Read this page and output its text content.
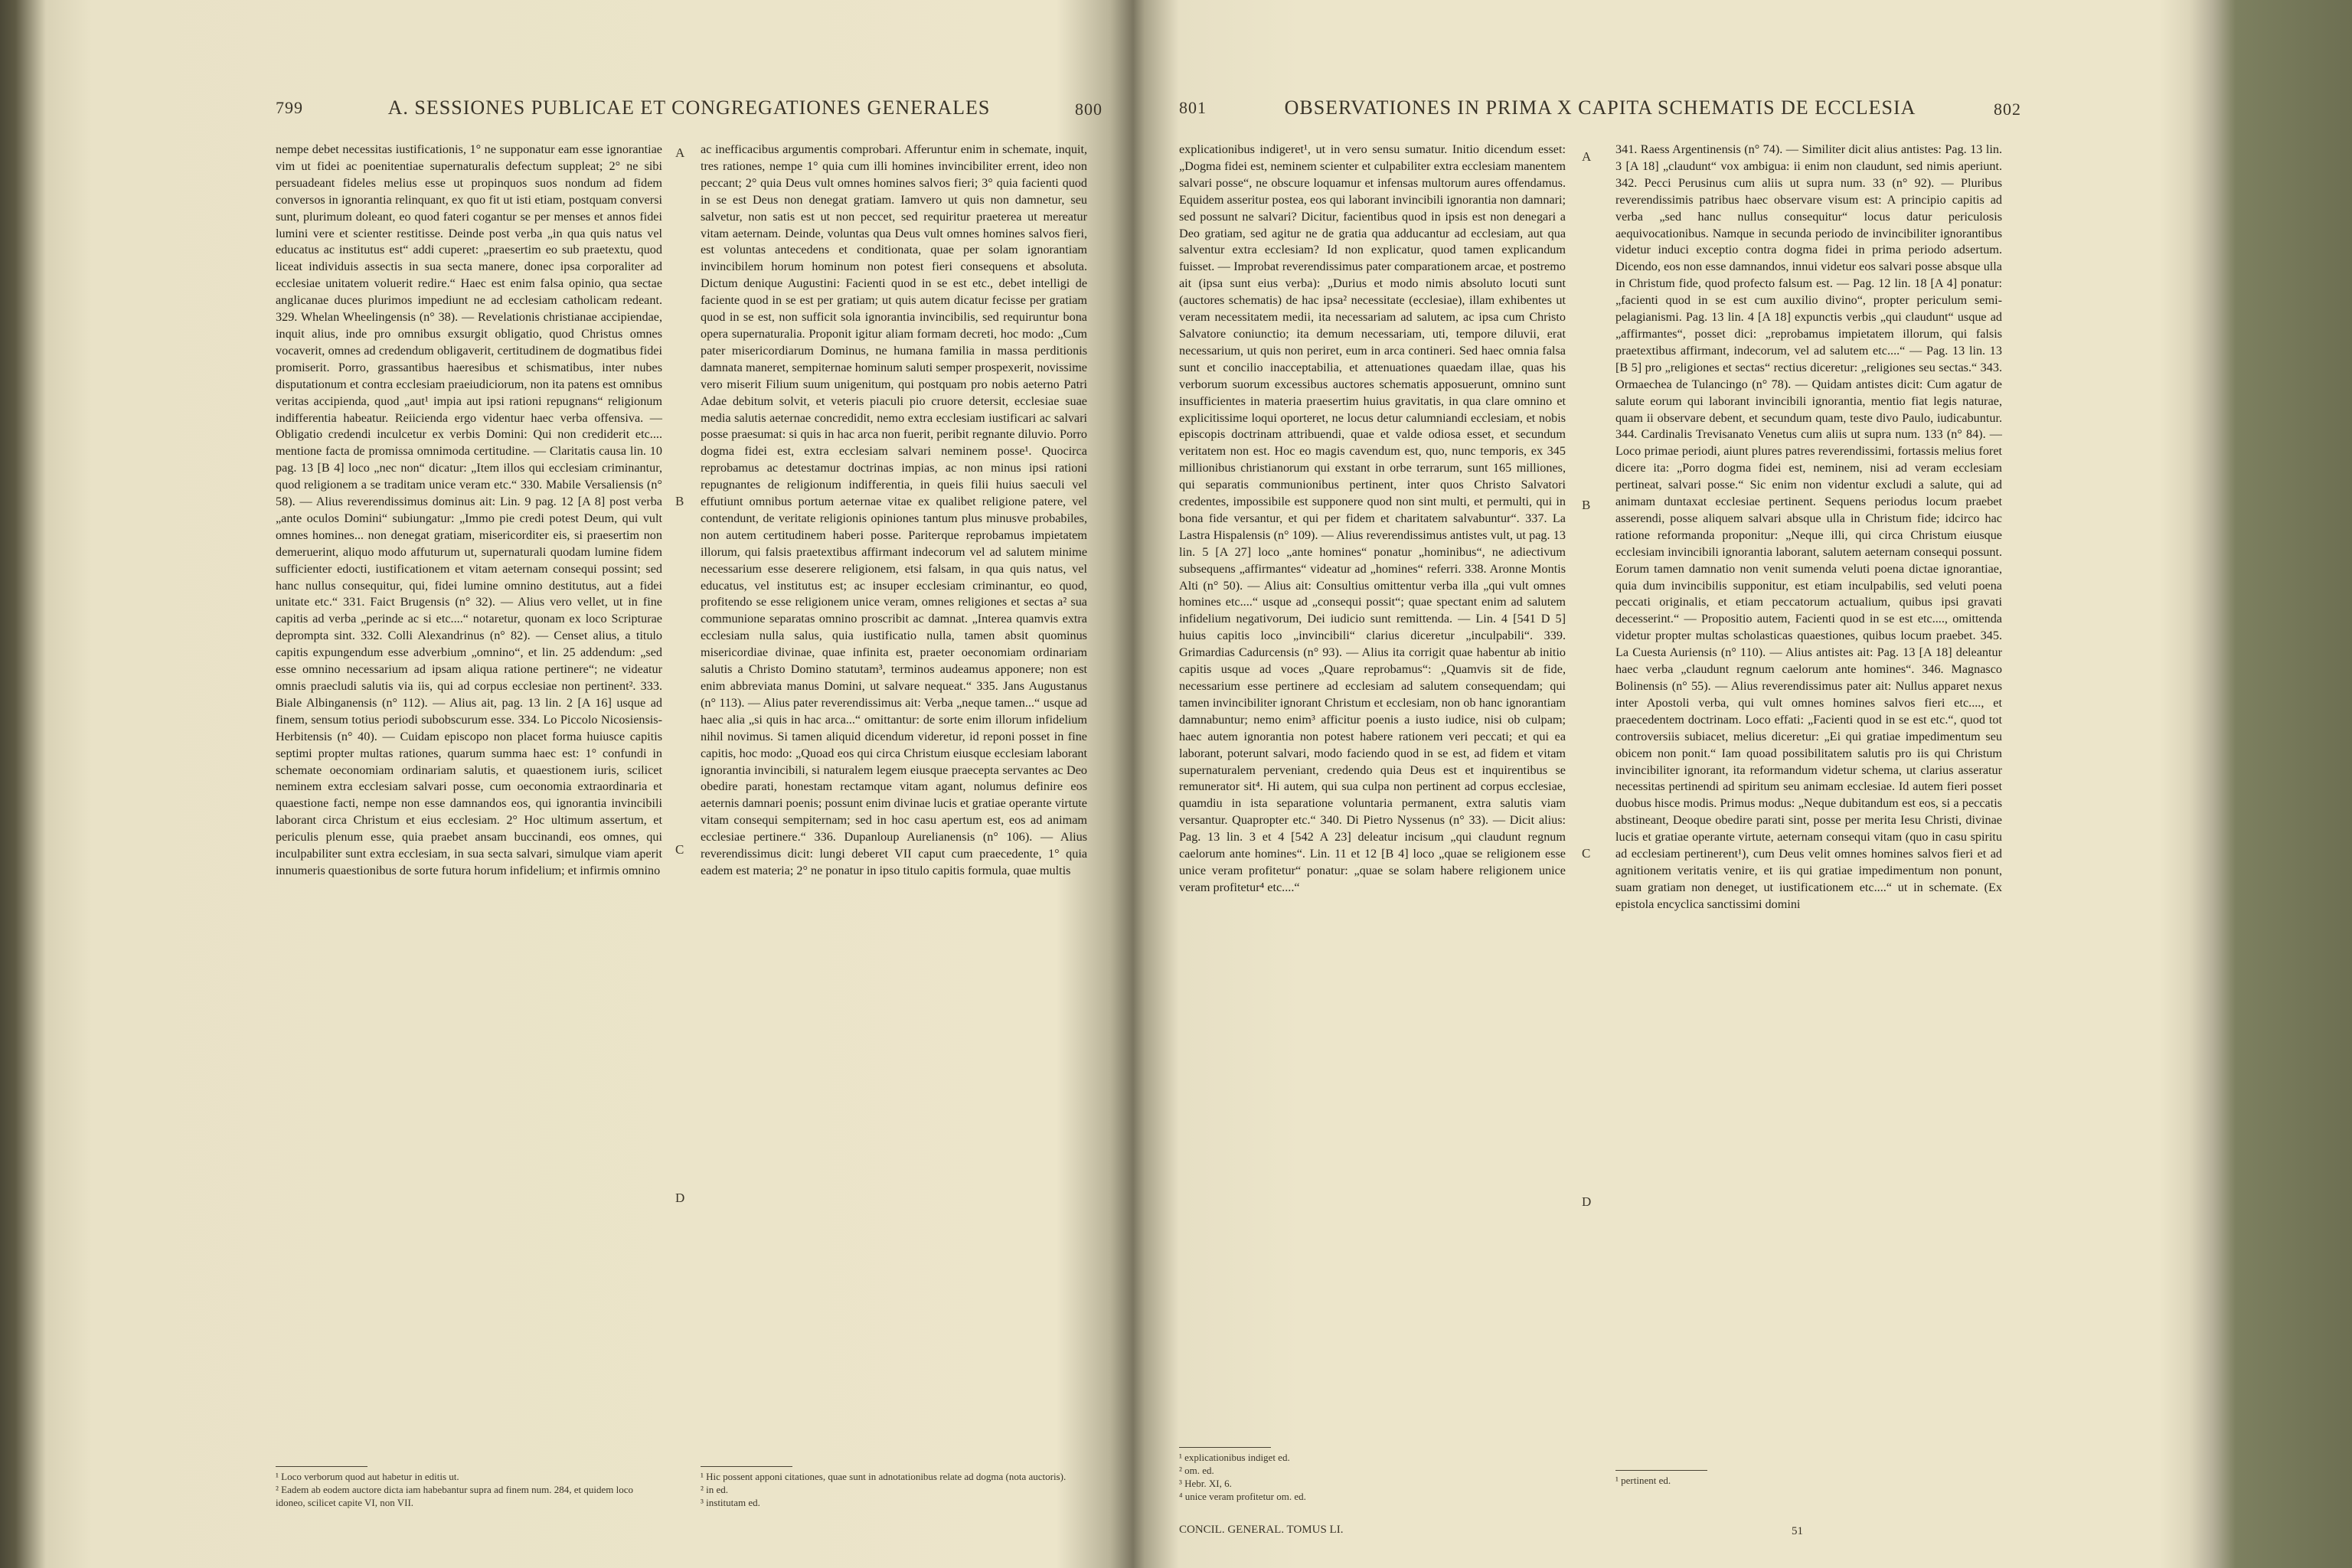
799	A. SESSIONES PUBLICAE ET CONGREGATIONES GENERALES	800

nempe debet necessitas iustificationis, 1° ne supponatur eam esse ignorantiae vim ut fidei ac poenitentiae supernaturalis defectum suppleat; 2° ne sibi persuadeant fideles melius esse ut propinquos suos nondum ad fidem conversos in ignorantia relinquant, ex quo fit ut isti etiam, postquam conversi sunt, plurimum doleant, eo quod fateri cogantur se per menses et annos fidei lumini vere et scienter restitisse. Deinde post verba „in qua quis natus vel educatus ac institutus est“ addi cuperet: „praesertim eo sub praetextu, quod liceat individuis assectis in sua secta manere, donec ipsa corporaliter ad ecclesiae unitatem voluerit redire.“ Haec est enim falsa opinio, qua sectae anglicanae duces plurimos impediunt ne ad ecclesiam catholicam redeant. 329. Whelan Wheelingensis (n° 38). — Revelationis christianae accipiendae, inquit alius, inde pro omnibus exsurgit obligatio, quod Christus omnes vocaverit, omnes ad credendum obligaverit, certitudinem de dogmatibus fidei promiserit. Porro, grassantibus haeresibus et schismatibus, inter nubes disputationum et contra ecclesiam praeiudiciorum, non ita patens est omnibus veritas accipienda, quod „aut¹ impia aut ipsi rationi repugnans“ religionum indifferentia habeatur. Reiicienda ergo videntur haec verba offensiva. — Obligatio credendi inculcetur ex verbis Domini: Qui non crediderit etc.... mentione facta de promissa omnimoda certitudine. — Claritatis causa lin. 10 pag. 13 [B 4] loco „nec non“ dicatur: „Item illos qui ecclesiam criminantur, quod religionem a se traditam unice veram etc.“ 330. Mabile Versaliensis (n° 58). — Alius reverendissimus dominus ait: Lin. 9 pag. 12 [A 8] post verba „ante oculos Domini“ subiungatur: „Immo pie credi potest Deum, qui vult omnes homines... non denegat gratiam, misericorditer eis, si praesertim non demeruerint, aliquo modo affuturum ut, supernaturali quodam lumine fidem sufficienter edocti, iustificationem et vitam aeternam consequi possint; sed hanc nullus consequitur, qui, fidei lumine omnino destitutus, aut a fidei unitate etc.“ 331. Faict Brugensis (n° 32). — Alius vero vellet, ut in fine capitis ad verba „perinde ac si etc....“ notaretur, quonam ex loco Scripturae deprompta sint. 332. Colli Alexandrinus (n° 82). — Censet alius, a titulo capitis expungendum esse adverbium „omnino“, et lin. 25 addendum: „sed esse omnino necessarium ad ipsam aliqua ratione pertinere“; ne videatur omnis praecludi salutis via iis, qui ad corpus ecclesiae non pertinent². 333. Biale Albinganensis (n° 112). — Alius ait, pag. 13 lin. 2 [A 16] usque ad finem, sensum totius periodi subobscurum esse. 334. Lo Piccolo Nicosiensis-Herbitensis (n° 40). — Cuidam episcopo non placet forma huiusce capitis septimi propter multas rationes, quarum summa haec est: 1° confundi in schemate oeconomiam ordinariam salutis, et quaestionem iuris, scilicet neminem extra ecclesiam salvari posse, cum oeconomia extraordinaria et quaestione facti, nempe non esse damnandos eos, qui ignorantia invincibili laborant circa Christum et eius ecclesiam. 2° Hoc ultimum assertum, et periculis plenum esse, quia praebet ansam buccinandi, eos omnes, qui inculpabiliter sunt extra ecclesiam, in sua secta salvari, simulque viam aperit innumeris quaestionibus de sorte futura horum infidelium; et infirmis omnino

ac inefficacibus argumentis comprobari. Afferuntur enim in schemate, inquit, tres rationes, nempe 1° quia cum illi homines invincibiliter errent, ideo non peccant; 2° quia Deus vult omnes homines salvos fieri; 3° quia facienti quod in se est Deus non denegat gratiam. Iamvero ut quis non damnetur, seu salvetur, non satis est ut non peccet, sed requiritur praeterea ut mereatur vitam aeternam. Deinde, voluntas qua Deus vult omnes homines salvos fieri, est voluntas antecedens et conditionata, quae per solam ignorantiam invincibilem horum hominum non potest fieri consequens et absoluta. Dictum denique Augustini: Facienti quod in se est etc., debet intelligi de faciente quod in se est per gratiam; ut quis autem dicatur fecisse per gratiam quod in se est, non sufficit sola ignorantia invincibilis, sed requiruntur bona opera supernaturalia. Proponit igitur aliam formam decreti, hoc modo: „Cum pater misericordiarum Dominus, ne humana familia in massa perditionis damnata maneret, sempiternae hominum saluti semper prospexerit, novissime vero miserit Filium suum unigenitum, qui postquam pro nobis aeterno Patri Adae debitum solvit, et veteris piaculi pio cruore detersit, ecclesiae suae media salutis aeternae concredidit, nemo extra ecclesiam iustificari ac salvari posse praesumat: si quis in hac arca non fuerit, peribit regnante diluvio. Porro dogma fidei est, extra ecclesiam salvari neminem posse¹. Quocirca reprobamus ac detestamur doctrinas impias, ac non minus ipsi rationi repugnantes de religionum indifferentia, in queis filii huius saeculi vel effutiunt omnibus portum aeternae vitae ex qualibet religione patere, vel contendunt, de veritate religionis opiniones tantum plus minusve probabiles, non autem certitudinem haberi posse. Pariterque reprobamus impietatem illorum, qui falsis praetextibus affirmant indecorum vel ad salutem minime necessarium esse deserere religionem, etsi falsam, in qua quis natus, vel educatus, vel institutus est; ac insuper ecclesiam criminantur, eo quod, profitendo se esse religionem unice veram, omnes religiones et sectas a² sua communione separatas omnino proscribit ac damnat. „Interea quamvis extra ecclesiam nulla salus, quia iustificatio nulla, tamen absit quominus misericordiae divinae, quae infinita est, praeter oeconomiam ordinariam salutis a Christo Domino statutam³, terminos audeamus apponere; non est enim abbreviata manus Domini, ut salvare nequeat.“ 335. Jans Augustanus (n° 113). — Alius pater reverendissimus ait: Verba „neque tamen...“ usque ad haec alia „si quis in hac arca...“ omittantur: de sorte enim illorum infidelium nihil novimus. Si tamen aliquid dicendum videretur, id reponi posset in fine capitis, hoc modo: „Quoad eos qui circa Christum eiusque ecclesiam laborant ignorantia invincibili, si naturalem legem eiusque praecepta servantes ac Deo obedire parati, honestam rectamque vitam agant, nolumus definire eos aeternis damnari poenis; possunt enim divinae lucis et gratiae operante virtute vitam consequi sempiternam; sed in hoc casu apertum est, eos ad animam ecclesiae pertinere.“ 336. Dupanloup Aurelianensis (n° 106). — Alius reverendissimus dicit: lungi deberet VII caput cum praecedente, 1° quia eadem est materia; 2° ne ponatur in ipso titulo capitis formula, quae multis

A
B
C
D
¹ Loco verborum quod aut habetur in editis ut.
² Eadem ab eodem auctore dicta iam habebantur supra ad finem num. 284, et quidem loco idoneo, scilicet capite VI, non VII.
¹ Hic possent apponi citationes, quae sunt in adnotationibus relate ad dogma (nota auctoris).
² in ed.
³ institutam ed.
801	OBSERVATIONES IN PRIMA X CAPITA SCHEMATIS DE ECCLESIA	802

explicationibus indigeret¹, ut in vero sensu sumatur. Initio dicendum esset: „Dogma fidei est, neminem scienter et culpabiliter extra ecclesiam manentem salvari posse“, ne obscure loquamur et infensas multorum aures offendamus. Equidem asseritur postea, eos qui laborant invincibili ignorantia non damnari; sed possunt ne salvari? Dicitur, facientibus quod in ipsis est non denegari a Deo gratiam, sed agitur ne de gratia qua adducantur ad ecclesiam, aut qua salventur extra ecclesiam? Id non explicatur, quod tamen explicandum fuisset. — Improbat reverendissimus pater comparationem arcae, et postremo ait (ipsa sunt eius verba): „Durius et modo nimis absoluto locuti sunt (auctores schematis) de hac ipsa² necessitate (ecclesiae), illam exhibentes ut veram necessitatem medii, ita necessariam ad salutem, ac ipsa cum Christo Salvatore coniunctio; ita demum necessariam, uti, tempore diluvii, erat necessarium, ut quis non periret, eum in arca contineri. Sed haec omnia falsa sunt et concilio inacceptabilia, et attenuationes quaedam illae, quas his verborum suorum excessibus auctores schematis apposuerunt, omnino sunt insufficientes in materia praesertim huius gravitatis, in qua clare omnino et explicitissime loqui oporteret, ne locus detur calumniandi ecclesiam, et nobis episcopis doctrinam attribuendi, quae et valde odiosa esset, et secundum veritatem non est. Hoc eo magis cavendum est, quo, nunc temporis, ex 345 millionibus christianorum qui exstant in orbe terrarum, sunt 165 milliones, qui separatis communionibus pertinent, inter quos Christo Salvatori credentes, impossibile est supponere quod non sint multi, et permulti, qui in bona fide versantur, et qui per fidem et charitatem salvabuntur“. 337. La Lastra Hispalensis (n° 109). — Alius reverendissimus antistes vult, ut pag. 13 lin. 5 [A 27] loco „ante homines“ ponatur „hominibus“, ne adiectivum subsequens „affirmantes“ videatur ad „homines“ referri. 338. Aronne Montis Alti (n° 50). — Alius ait: Consultius omittentur verba illa „qui vult omnes homines etc....“ usque ad „consequi possit“; quae spectant enim ad salutem infidelium negativorum, Dei iudicio sunt remittenda. — Lin. 4 [541 D 5] huius capitis loco „invincibili“ clarius diceretur „inculpabili“. 339. Grimardias Cadurcensis (n° 93). — Alius ita corrigit quae habentur ab initio capitis usque ad voces „Quare reprobamus“: „Quamvis sit de fide, necessarium esse pertinere ad ecclesiam ad salutem consequendam; qui tamen invincibiliter ignorant Christum et ecclesiam, non ob hanc ignorantiam damnabuntur; nemo enim³ afficitur poenis a iusto iudice, nisi ob culpam; haec autem ignorantia non potest habere rationem veri peccati; et qui ea laborant, poterunt salvari, modo faciendo quod in se est, ad fidem et vitam supernaturalem perveniant, credendo quia Deus est et inquirentibus se remunerator sit⁴. Hi autem, qui sua culpa non pertinent ad corpus ecclesiae, quamdiu in ista separatione voluntaria permanent, extra salutis viam versantur. Quapropter etc.“ 340. Di Pietro Nyssenus (n° 33). — Dicit alius: Pag. 13 lin. 3 et 4 [542 A 23] deleatur incisum „qui claudunt regnum caelorum ante homines“. Lin. 11 et 12 [B 4] loco „quae se religionem esse unice veram profitetur“ ponatur: „quae se solam habere religionem unice veram profitetur⁴ etc....“

341. Raess Argentinensis (n° 74). — Similiter dicit alius antistes: Pag. 13 lin. 3 [A 18] „claudunt“ vox ambigua: ii enim non claudunt, sed nimis aperiunt. 342. Pecci Perusinus cum aliis ut supra num. 33 (n° 92). — Pluribus reverendissimis patribus haec observare visum est: A principio capitis ad verba „sed hanc nullus consequitur“ locus datur periculosis aequivocationibus. Namque in secunda periodo de invincibiliter ignorantibus videtur induci exceptio contra dogma fidei in prima periodo adsertum. Dicendo, eos non esse damnandos, innui videtur eos salvari posse absque ulla in Christum fide, quod profecto falsum est. — Pag. 12 lin. 18 [A 4] ponatur: „facienti quod in se est cum auxilio divino“, propter periculum semi-pelagianismi. Pag. 13 lin. 4 [A 18] expunctis verbis „qui claudunt“ usque ad „affirmantes“, posset dici: „reprobamus impietatem illorum, qui falsis praetextibus affirmant, indecorum, vel ad salutem etc....“ — Pag. 13 lin. 13 [B 5] pro „religiones et sectas“ rectius diceretur: „religiones seu sectas.“ 343. Ormaechea de Tulancingo (n° 78). — Quidam antistes dicit: Cum agatur de salute eorum qui laborant invincibili ignorantia, mentio fiat legis naturae, quam ii observare debent, et secundum quam, teste divo Paulo, iudicabuntur. 344. Cardinalis Trevisanato Venetus cum aliis ut supra num. 133 (n° 84). — Loco primae periodi, aiunt plures patres reverendissimi, fortassis melius foret dicere ita: „Porro dogma fidei est, neminem, nisi ad veram ecclesiam pertineat, salvari posse.“ Sic enim non videntur excludi a salute, qui ad animam duntaxat ecclesiae pertinent. Sequens periodus locum praebet asserendi, posse aliquem salvari absque ulla in Christum fide; idcirco hac ratione reformanda proponitur: „Neque illi, qui circa Christum eiusque ecclesiam invincibili ignorantia laborant, salutem aeternam consequi possunt. Eorum tamen damnatio non venit sumenda veluti poena dictae ignorantiae, quia dum invincibilis supponitur, est etiam inculpabilis, sed veluti poena peccati originalis, et etiam peccatorum actualium, quibus ipsi gravati decesserint.“ — Propositio autem, Facienti quod in se est etc...., omittenda videtur propter multas scholasticas quaestiones, quibus locum praebet. 345. La Cuesta Auriensis (n° 110). — Alius antistes ait: Pag. 13 [A 18] deleantur haec verba „claudunt regnum caelorum ante homines“. 346. Magnasco Bolinensis (n° 55). — Alius reverendissimus pater ait: Nullus apparet nexus inter Apostoli verba, qui vult omnes homines salvos fieri etc...., et praecedentem doctrinam. Loco effati: „Facienti quod in se est etc.“, quod tot controversiis subiacet, melius diceretur: „Ei qui gratiae impedimentum seu obicem non ponit.“ Iam quoad possibilitatem salutis pro iis qui Christum invincibiliter ignorant, ita reformandum videtur schema, ut clarius asseratur necessitas pertinendi ad spiritum seu animam ecclesiae. Id autem fieri posset duobus hisce modis. Primus modus: „Neque dubitandum est eos, si a peccatis abstineant, Deoque obedire parati sint, posse per merita Iesu Christi, divinae lucis et gratiae operante virtute, aeternam consequi vitam (quo in casu spiritu ad ecclesiam pertinerent¹), cum Deus velit omnes homines salvos fieri et ad agnitionem veritatis venire, et iis qui gratiae impedimentum non ponunt, suam gratiam non deneget, ut iustificationem etc....“ ut in schemate. (Ex epistola encyclica sanctissimi domini

A
B
C
D
¹ explicationibus indiget ed.
² om. ed.
³ Hebr. XI, 6.
⁴ unice veram profitetur om. ed.
CONCIL. GENERAL. TOMUS LI.
¹ pertinent ed.
51
